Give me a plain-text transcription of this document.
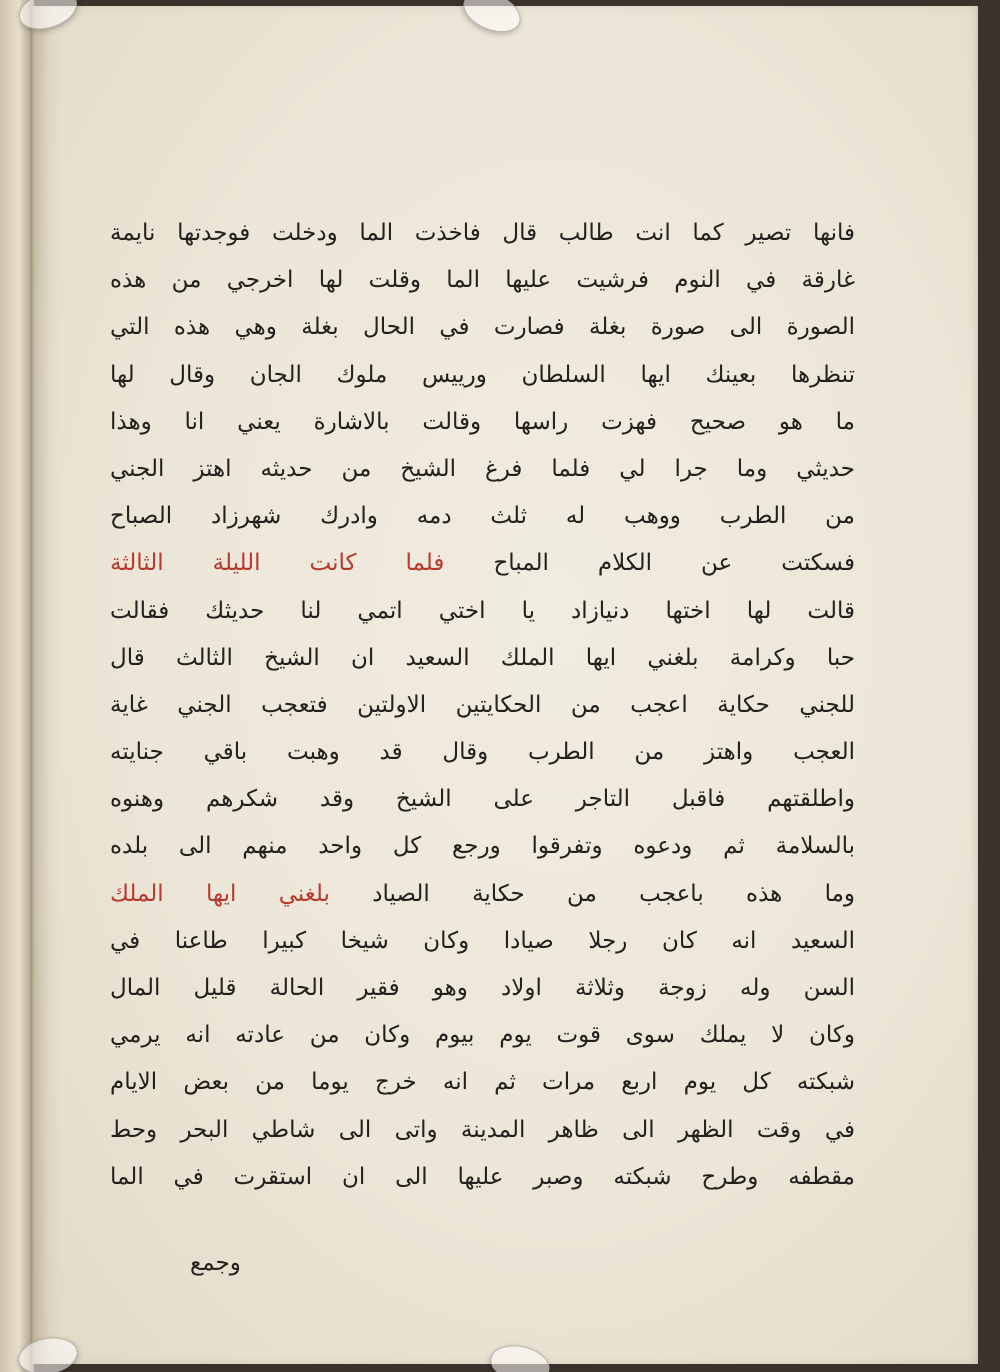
فانها تصير كما انت طالب قال فاخذت الما ودخلت فوجدتها نايمة
غارقة في النوم فرشيت عليها الما وقلت لها اخرجي من هذه
الصورة الى صورة بغلة فصارت في الحال بغلة وهي هذه التي
تنظرها بعينك ايها السلطان ورييس ملوك الجان وقال لها
ما هو صحيح فهزت راسها وقالت بالاشارة يعني انا وهذا
حديثي وما جرا لي فلما فرغ الشيخ من حديثه اهتز الجني
من الطرب ووهب له ثلث دمه وادرك شهرزاد الصباح
فسكتت عن الكلام المباح فلما كانت الليلة الثالثة
قالت لها اختها دنيازاد يا اختي اتمي لنا حديثك فقالت
حبا وكرامة بلغني ايها الملك السعيد ان الشيخ الثالث قال
للجني حكاية اعجب من الحكايتين الاولتين فتعجب الجني غاية
العجب واهتز من الطرب وقال قد وهبت باقي جنايته
واطلقتهم فاقبل التاجر على الشيخ وقد شكرهم وهنوه
بالسلامة ثم ودعوه وتفرقوا ورجع كل واحد منهم الى بلده
وما هذه باعجب من حكاية الصياد بلغني ايها الملك
السعيد انه كان رجلا صيادا وكان شيخا كبيرا طاعنا في
السن وله زوجة وثلاثة اولاد وهو فقير الحالة قليل المال
وكان لا يملك سوى قوت يوم بيوم وكان من عادته انه يرمي
شبكته كل يوم اربع مرات ثم انه خرج يوما من بعض الايام
في وقت الظهر الى ظاهر المدينة واتى الى شاطي البحر وحط
مقطفه وطرح شبكته وصبر عليها الى ان استقرت في الما
وجمع
